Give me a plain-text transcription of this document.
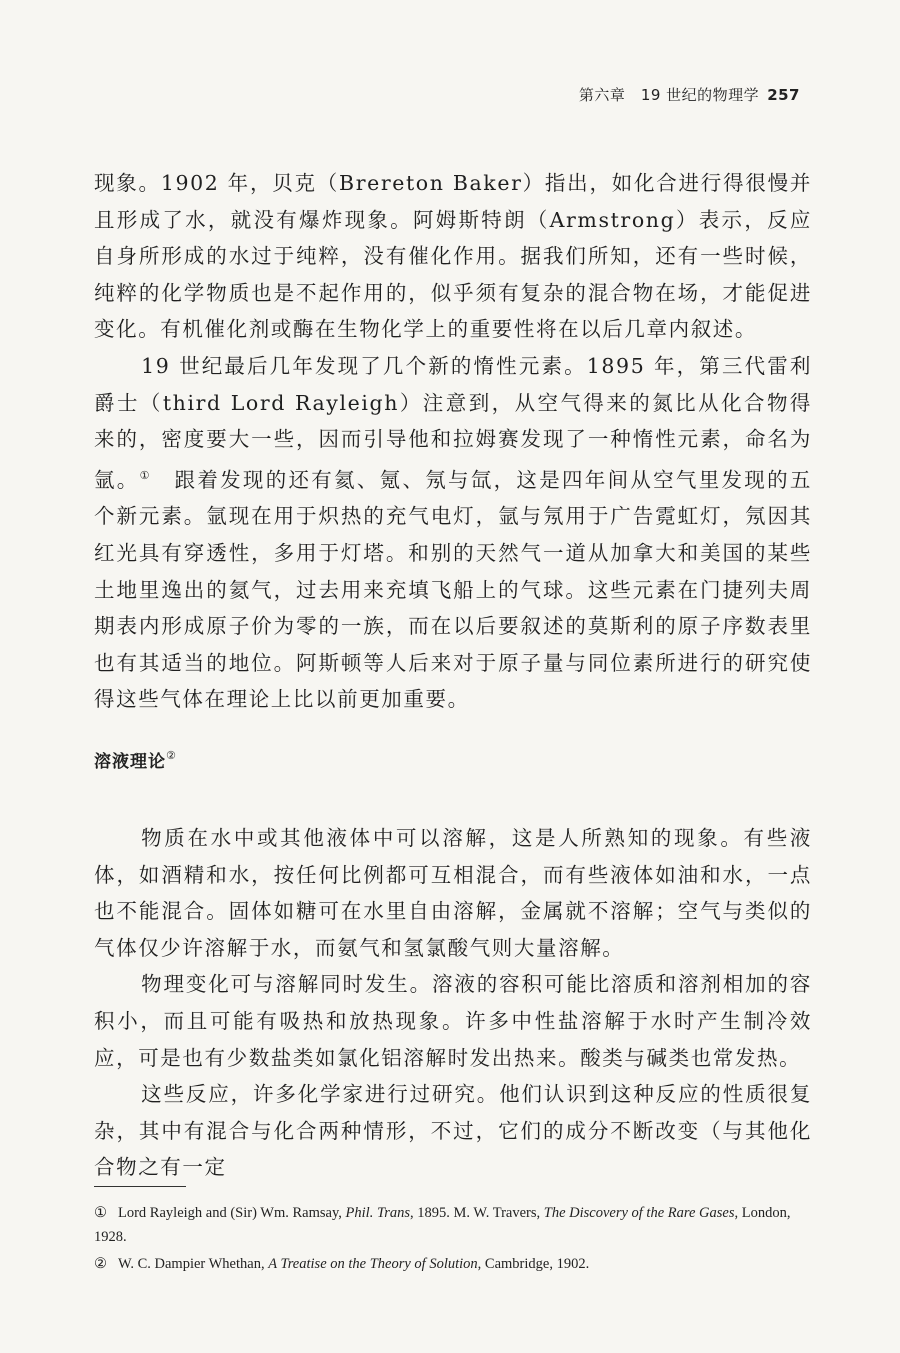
第六章　19 世纪的物理学 257

现象。1902 年，贝克（Brereton Baker）指出，如化合进行得很慢并且形成了水，就没有爆炸现象。阿姆斯特朗（Armstrong）表示，反应自身所形成的水过于纯粹，没有催化作用。据我们所知，还有一些时候，纯粹的化学物质也是不起作用的，似乎须有复杂的混合物在场，才能促进变化。有机催化剂或酶在生物化学上的重要性将在以后几章内叙述。

19 世纪最后几年发现了几个新的惰性元素。1895 年，第三代雷利爵士（third Lord Rayleigh）注意到，从空气得来的氮比从化合物得来的，密度要大一些，因而引导他和拉姆赛发现了一种惰性元素，命名为氩。①　 跟着发现的还有氦、氪、氖与氙，这是四年间从空气里发现的五个新元素。氩现在用于炽热的充气电灯，氩与氖用于广告霓虹灯，氖因其红光具有穿透性，多用于灯塔。和别的天然气一道从加拿大和美国的某些土地里逸出的氦气，过去用来充填飞船上的气球。这些元素在门捷列夫周期表内形成原子价为零的一族，而在以后要叙述的莫斯利的原子序数表里也有其适当的地位。阿斯顿等人后来对于原子量与同位素所进行的研究使得这些气体在理论上比以前更加重要。

溶液理论②

物质在水中或其他液体中可以溶解，这是人所熟知的现象。有些液体，如酒精和水，按任何比例都可互相混合，而有些液体如油和水，一点也不能混合。固体如糖可在水里自由溶解，金属就不溶解；空气与类似的气体仅少许溶解于水，而氨气和氢氯酸气则大量溶解。

物理变化可与溶解同时发生。溶液的容积可能比溶质和溶剂相加的容积小，而且可能有吸热和放热现象。许多中性盐溶解于水时产生制冷效应，可是也有少数盐类如氯化铝溶解时发出热来。酸类与碱类也常发热。

这些反应，许多化学家进行过研究。他们认识到这种反应的性质很复杂，其中有混合与化合两种情形，不过，它们的成分不断改变（与其他化合物之有一定

① Lord Rayleigh and (Sir) Wm. Ramsay, Phil. Trans, 1895. M. W. Travers, The Discovery of the Rare Gases, London, 1928.

② W. C. Dampier Whethan, A Treatise on the Theory of Solution, Cambridge, 1902.
